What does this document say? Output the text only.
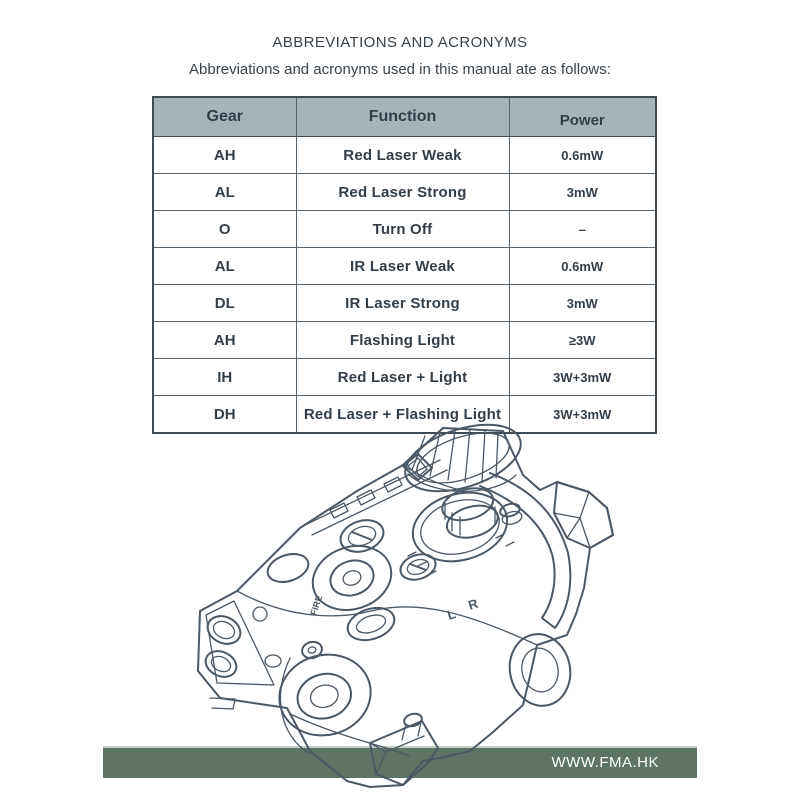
ABBREVIATIONS AND ACRONYMS
Abbreviations and acronyms used in this manual ate as follows:
Gear	Function	Power
AH	Red Laser Weak	0.6mW
AL	Red Laser Strong	3mW
O	Turn Off	–
AL	IR Laser Weak	0.6mW
DL	IR Laser Strong	3mW
AH	Flashing Light	≥3W
IH	Red Laser + Light	3W+3mW
DH	Red Laser + Flashing Light	3W+3mW
WWW.FMA.HK
FIRE	L
R
